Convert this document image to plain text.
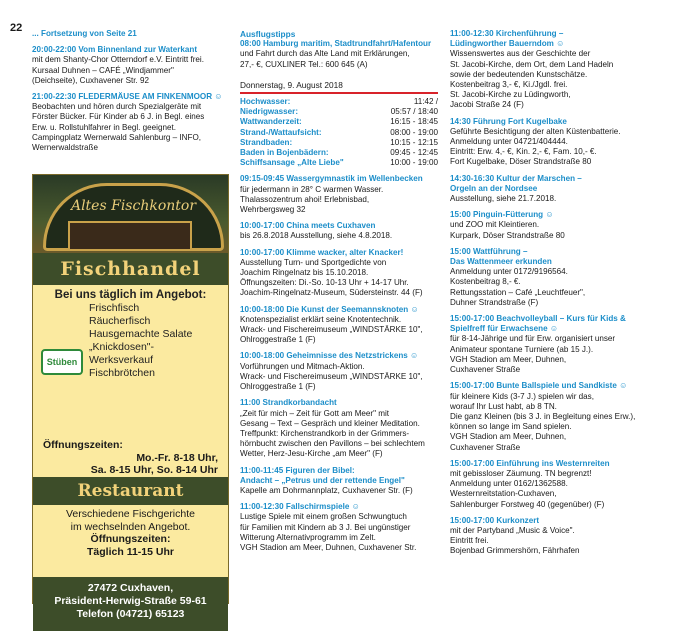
22 ... Fortsetzung von Seite 21
20:00-22:00 Vom Binnenland zur Waterkant
mit dem Shanty-Chor Otterndorf e.V. Eintritt frei.
Kursaal Duhnen – CAFÉ „Windjammer"
(Deichseite), Cuxhavener Str. 92
21:00-22:30 FLEDERMÄUSE AM FINKENMOOR ☺
Beobachten und hören durch Spezialgeräte mit
Förster Bücker. Für Kinder ab 6 J. in Begl. eines
Erw. u. Rollstuhlfahrer in Begl. geeignet.
Campingplatz Wernerwald Sahlenburg – INFO,
Wernerwaldstraße
Altes Fischkontor
Fischhandel
Bei uns täglich im Angebot:
Frischfisch
Räucherfisch
Hausgemachte Salate
„Knickdosen"-
Werksverkauf
Fischbrötchen
Stüben
Öffnungszeiten:
Mo.-Fr. 8-18 Uhr,
Sa. 8-15 Uhr, So. 8-14 Uhr
Restaurant
Verschiedene Fischgerichte
im wechselnden Angebot.
Öffnungszeiten:
Täglich 11-15 Uhr
27472 Cuxhaven,
Präsident-Herwig-Straße 59-61
Telefon (04721) 65123
Ausflugstipps
08:00 Hamburg maritim, Stadtrundfahrt/Hafentour
und Fahrt durch das Alte Land mit Erklärungen,
27,- €, CUXLINER Tel.: 600 645 (A)
Donnerstag, 9. August 2018
Hochwasser:	11:42 /
Niedrigwasser:	05:57 / 18:40
Wattwanderzeit:	16:15 - 18:45
Strand-/Wattaufsicht:	08:00 - 19:00
Strandbaden:	10:15 - 12:15
Baden in Bojenbädern:	09:45 - 12:45
Schiffsansage „Alte Liebe"	10:00 - 19:00
09:15-09:45 Wassergymnastik im Wellenbecken
für jedermann in 28° C warmen Wasser.
Thalassozentrum ahoi! Erlebnisbad,
Wehrbergsweg 32
10:00-17:00 China meets Cuxhaven
bis 26.8.2018 Ausstellung, siehe 4.8.2018.
10:00-17:00 Klimme wacker, alter Knacker!
Ausstellung Turn- und Sportgedichte von
Joachim Ringelnatz bis 15.10.2018.
Öffnungszeiten: Di.-So. 10-13 Uhr + 14-17 Uhr.
Joachim-Ringelnatz-Museum, Südersteinstr. 44 (F)
10:00-18:00 Die Kunst der Seemannsknoten ☺
Knotenspezialist erklärt seine Knotentechnik.
Wrack- und Fischereimuseum „WINDSTÄRKE 10",
Ohlroggestraße 1 (F)
10:00-18:00 Geheimnisse des Netzstrickens ☺
Vorführungen und Mitmach-Aktion.
Wrack- und Fischereimuseum „WINDSTÄRKE 10",
Ohlroggestraße 1 (F)
11:00 Strandkorbandacht
„Zeit für mich – Zeit für Gott am Meer" mit
Gesang – Text – Gespräch und kleiner Meditation.
Treffpunkt: Kirchenstrandkorb in der Grimmers-
hörnbucht zwischen den Pavillons – bei schlechtem
Wetter, Herz-Jesu-Kirche „am Meer" (F)
11:00-11:45 Figuren der Bibel:
Andacht – „Petrus und der rettende Engel"
Kapelle am Dohrmannplatz, Cuxhavener Str. (F)
11:00-12:30 Fallschirmspiele ☺
Lustige Spiele mit einem großen Schwungtuch
für Familien mit Kindern ab 3 J. Bei ungünstiger
Witterung Alternativprogramm im Zelt.
VGH Stadion am Meer, Duhnen, Cuxhavener Str.
11:00-12:30 Kirchenführung –
Lüdingworther Bauerndom ☺
Wissenswertes aus der Geschichte der
St. Jacobi-Kirche, dem Ort, dem Land Hadeln
sowie der bedeutenden Kunstschätze.
Kostenbeitrag 3,- €, Ki./Jgdl. frei.
St. Jacobi-Kirche zu Lüdingworth,
Jacobi Straße 24 (F)
14:30 Führung Fort Kugelbake
Geführte Besichtigung der alten Küstenbatterie.
Anmeldung unter 04721/404444.
Eintritt: Erw. 4,- €, Kin. 2,- €, Fam. 10,- €.
Fort Kugelbake, Döser Strandstraße 80
14:30-16:30 Kultur der Marschen –
Orgeln an der Nordsee
Ausstellung, siehe 21.7.2018.
15:00 Pinguin-Fütterung ☺
und ZOO mit Kleintieren.
Kurpark, Döser Strandstraße 80
15:00 Wattführung –
Das Wattenmeer erkunden
Anmeldung unter 0172/9196564.
Kostenbeitrag 8,- €.
Rettungsstation – Café „Leuchtfeuer",
Duhner Strandstraße (F)
15:00-17:00 Beachvolleyball – Kurs für Kids &
Spielfreff für Erwachsene ☺
für 8-14-Jährige und für Erw. organisiert unser
Animateur spontane Turniere (ab 15 J.).
VGH Stadion am Meer, Duhnen,
Cuxhavener Straße
15:00-17:00 Bunte Ballspiele und Sandkiste ☺
für kleinere Kids (3-7 J.) spielen wir das,
worauf Ihr Lust habt, ab 8 TN.
Die ganz Kleinen (bis 3 J. in Begleitung eines Erw.),
können so lange im Sand spielen.
VGH Stadion am Meer, Duhnen,
Cuxhavener Straße
15:00-17:00 Einführung ins Westernreiten
mit gebissloser Zäumung. TN begrenzt!
Anmeldung unter 0162/1362588.
Westernreitstation-Cuxhaven,
Sahlenburger Forstweg 40 (gegenüber) (F)
15:00-17:00 Kurkonzert
mit der Partyband „Music & Voice".
Eintritt frei.
Bojenbad Grimmershörn, Fährhafen
